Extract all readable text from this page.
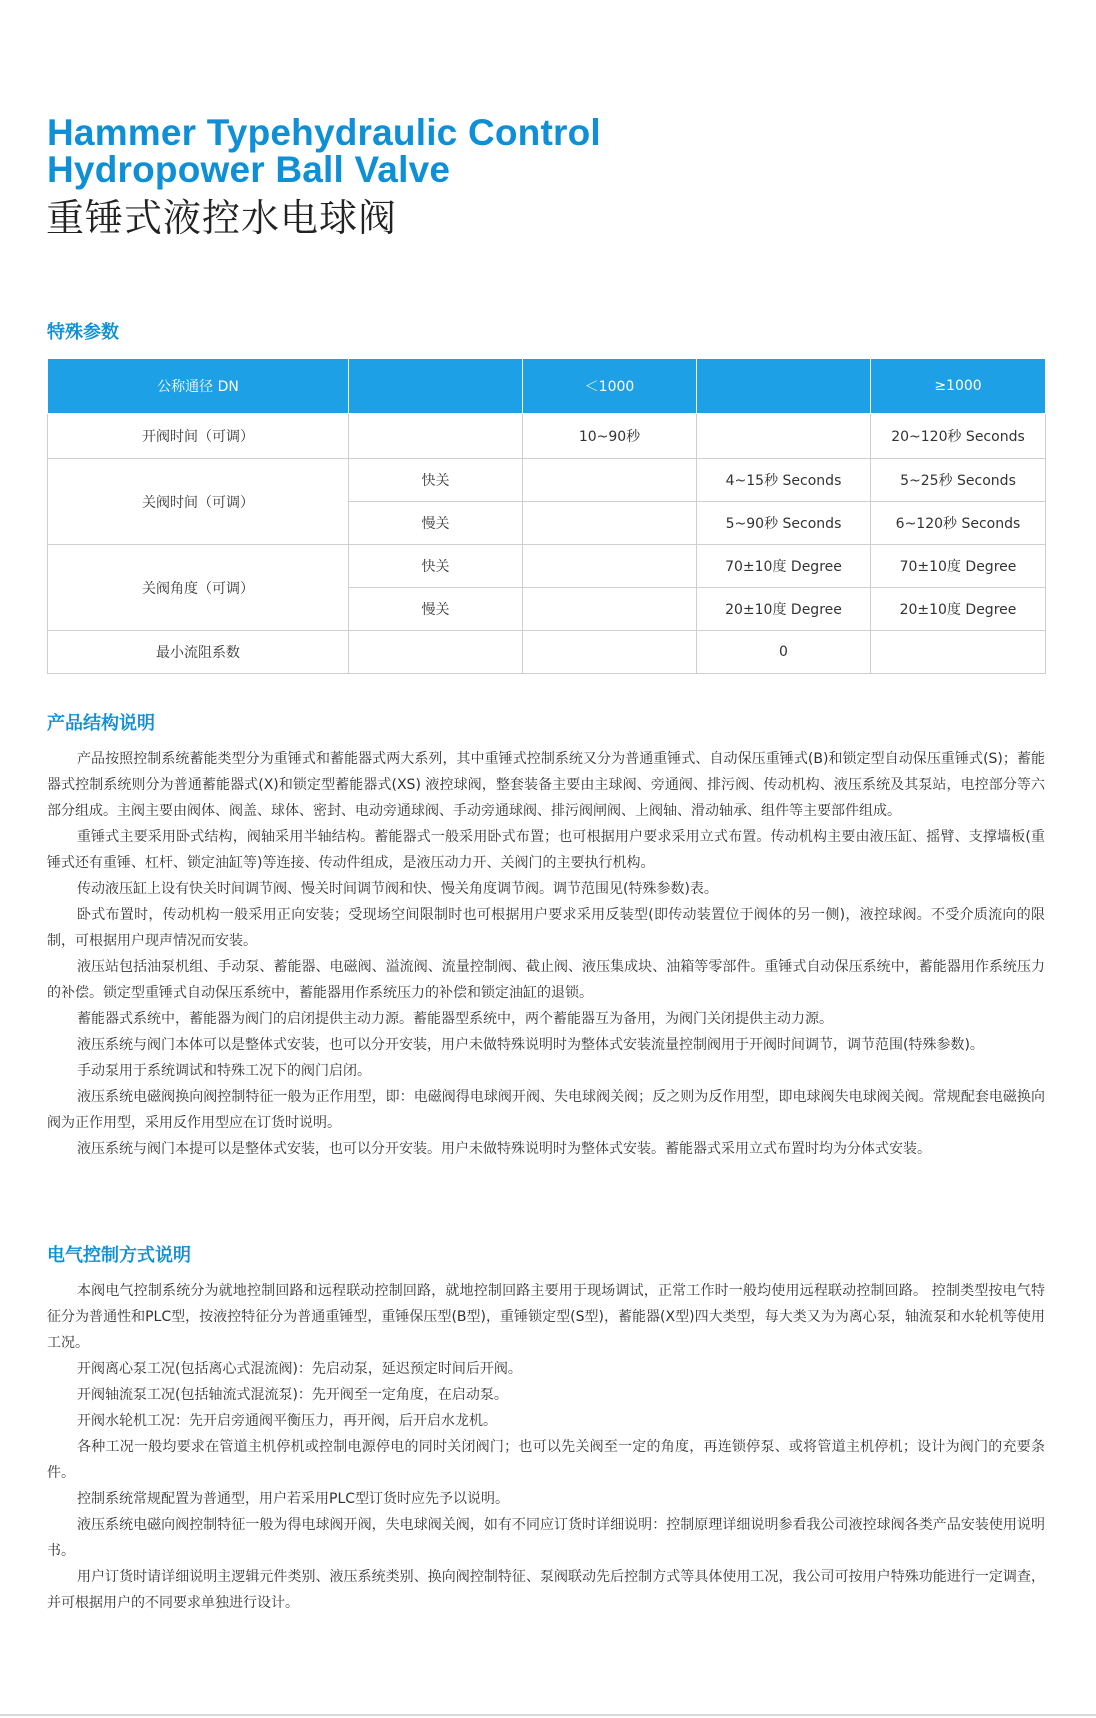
Hammer Typehydraulic Control
Hydropower Ball Valve
重锤式液控水电球阀
特殊参数
公称通径 DN		＜1000		≥1000
开阀时间（可调）		10~90秒		20~120秒 Seconds
关阀时间（可调）	快关		4~15秒 Seconds	5~25秒 Seconds
	慢关		5~90秒 Seconds	6~120秒 Seconds
关阀角度（可调）	快关		70±10度 Degree	70±10度 Degree
	慢关		20±10度 Degree	20±10度 Degree
最小流阻系数			0	
产品结构说明

产品按照控制系统蓄能类型分为重锤式和蓄能器式两大系列，其中重锤式控制系统又分为普通重锤式、自动保压重锤式(B)和锁定型自动保压重锤式(S)；蓄能器式控制系统则分为普通蓄能器式(X)和锁定型蓄能器式(XS) 液控球阀，整套装备主要由主球阀、旁通阀、排污阀、传动机构、液压系统及其泵站，电控部分等六部分组成。主阀主要由阀体、阀盖、球体、密封、电动旁通球阀、手动旁通球阀、排污阀闸阀、上阀轴、滑动轴承、组件等主要部件组成。

重锤式主要采用卧式结构，阀轴采用半轴结构。蓄能器式一般采用卧式布置；也可根据用户要求采用立式布置。传动机构主要由液压缸、摇臂、支撑墙板(重锤式还有重锤、杠杆、锁定油缸等)等连接、传动件组成，是液压动力开、关阀门的主要执行机构。

传动液压缸上设有快关时间调节阀、慢关时间调节阀和快、慢关角度调节阀。调节范围见(特殊参数)表。

卧式布置时，传动机构一般采用正向安装；受现场空间限制时也可根据用户要求采用反装型(即传动装置位于阀体的另一侧)，液控球阀。不受介质流向的限制，可根据用户现声情况而安装。

液压站包括油泵机组、手动泵、蓄能器、电磁阀、溢流阀、流量控制阀、截止阀、液压集成块、油箱等零部件。重锤式自动保压系统中，蓄能器用作系统压力的补偿。锁定型重锤式自动保压系统中，蓄能器用作系统压力的补偿和锁定油缸的退锁。

蓄能器式系统中，蓄能器为阀门的启闭提供主动力源。蓄能器型系统中，两个蓄能器互为备用，为阀门关闭提供主动力源。

液压系统与阀门本体可以是整体式安装，也可以分开安装，用户未做特殊说明时为整体式安装流量控制阀用于开阀时间调节，调节范围(特殊参数)。

手动泵用于系统调试和特殊工况下的阀门启闭。

液压系统电磁阀换向阀控制特征一般为正作用型，即：电磁阀得电球阀开阀、失电球阀关阀；反之则为反作用型，即电球阀失电球阀关阀。常规配套电磁换向阀为正作用型，采用反作用型应在订货时说明。

液压系统与阀门本提可以是整体式安装，也可以分开安装。用户未做特殊说明时为整体式安装。蓄能器式采用立式布置时均为分体式安装。

电气控制方式说明

本阀电气控制系统分为就地控制回路和远程联动控制回路，就地控制回路主要用于现场调试，正常工作时一般均使用远程联动控制回路。 控制类型按电气特征分为普通性和PLC型，按液控特征分为普通重锤型，重锤保压型(B型)，重锤锁定型(S型)，蓄能器(X型)四大类型，每大类又为为离心泵，轴流泵和水轮机等使用工况。

开阀离心泵工况(包括离心式混流阀)：先启动泵，延迟预定时间后开阀。

开阀轴流泵工况(包括轴流式混流泵)：先开阀至一定角度，在启动泵。

开阀水轮机工况：先开启旁通阀平衡压力，再开阀，后开启水龙机。

各种工况一般均要求在管道主机停机或控制电源停电的同时关闭阀门；也可以先关阀至一定的角度，再连锁停泵、或将管道主机停机；设计为阀门的充要条件。

控制系统常规配置为普通型，用户若采用PLC型订货时应先予以说明。

液压系统电磁向阀控制特征一般为得电球阀开阀，失电球阀关阀，如有不同应订货时详细说明：控制原理详细说明参看我公司液控球阀各类产品安装使用说明书。

用户订货时请详细说明主逻辑元件类别、液压系统类别、换向阀控制特征、泵阀联动先后控制方式等具体使用工况，我公司可按用户特殊功能进行一定调查，并可根据用户的不同要求单独进行设计。
